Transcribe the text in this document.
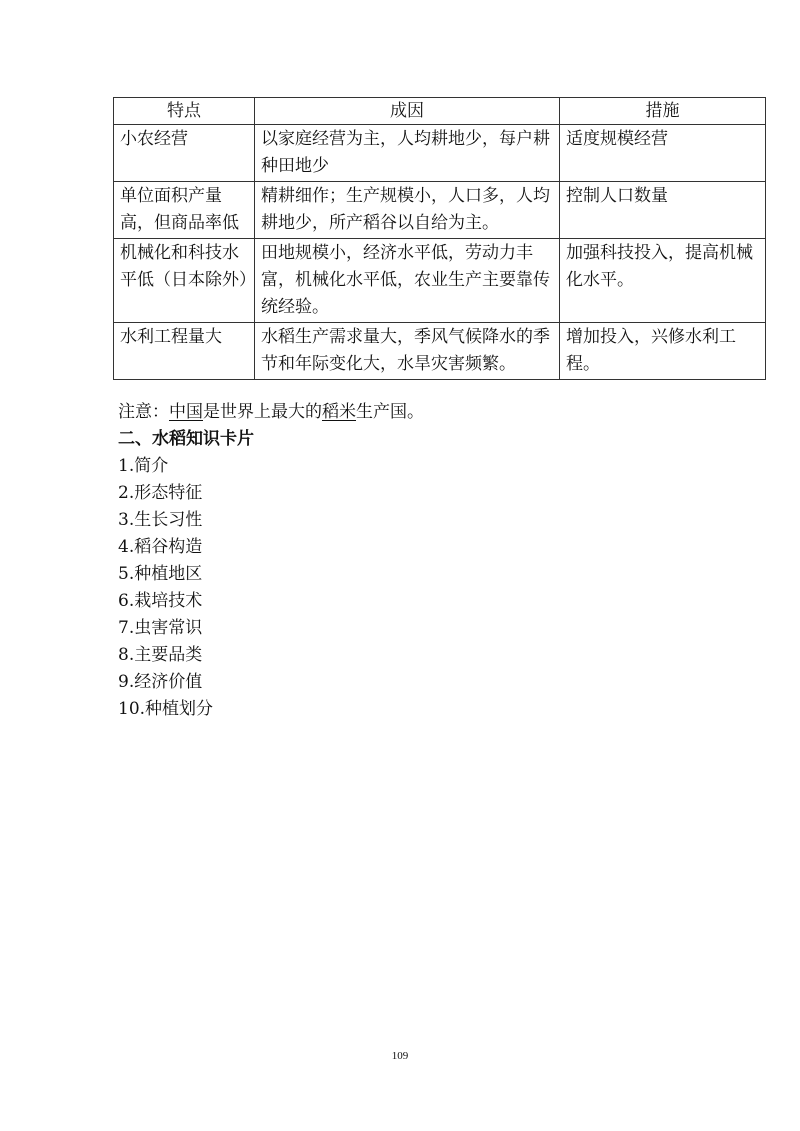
特点	成因	措施
小农经营	以家庭经营为主，人均耕地少，每户耕种田地少	适度规模经营
单位面积产量高，但商品率低	精耕细作；生产规模小，人口多，人均耕地少，所产稻谷以自给为主。	控制人口数量
机械化和科技水平低（日本除外）	田地规模小，经济水平低，劳动力丰富，机械化水平低，农业生产主要靠传统经验。	加强科技投入，提高机械化水平。
水利工程量大	水稻生产需求量大，季风气候降水的季节和年际变化大，水旱灾害频繁。	增加投入，兴修水利工程。
注意：中国是世界上最大的稻米生产国。
二、水稻知识卡片
1.简介
2.形态特征
3.生长习性
4.稻谷构造
5.种植地区
6.栽培技术
7.虫害常识
8.主要品类
9.经济价值
10.种植划分
109
